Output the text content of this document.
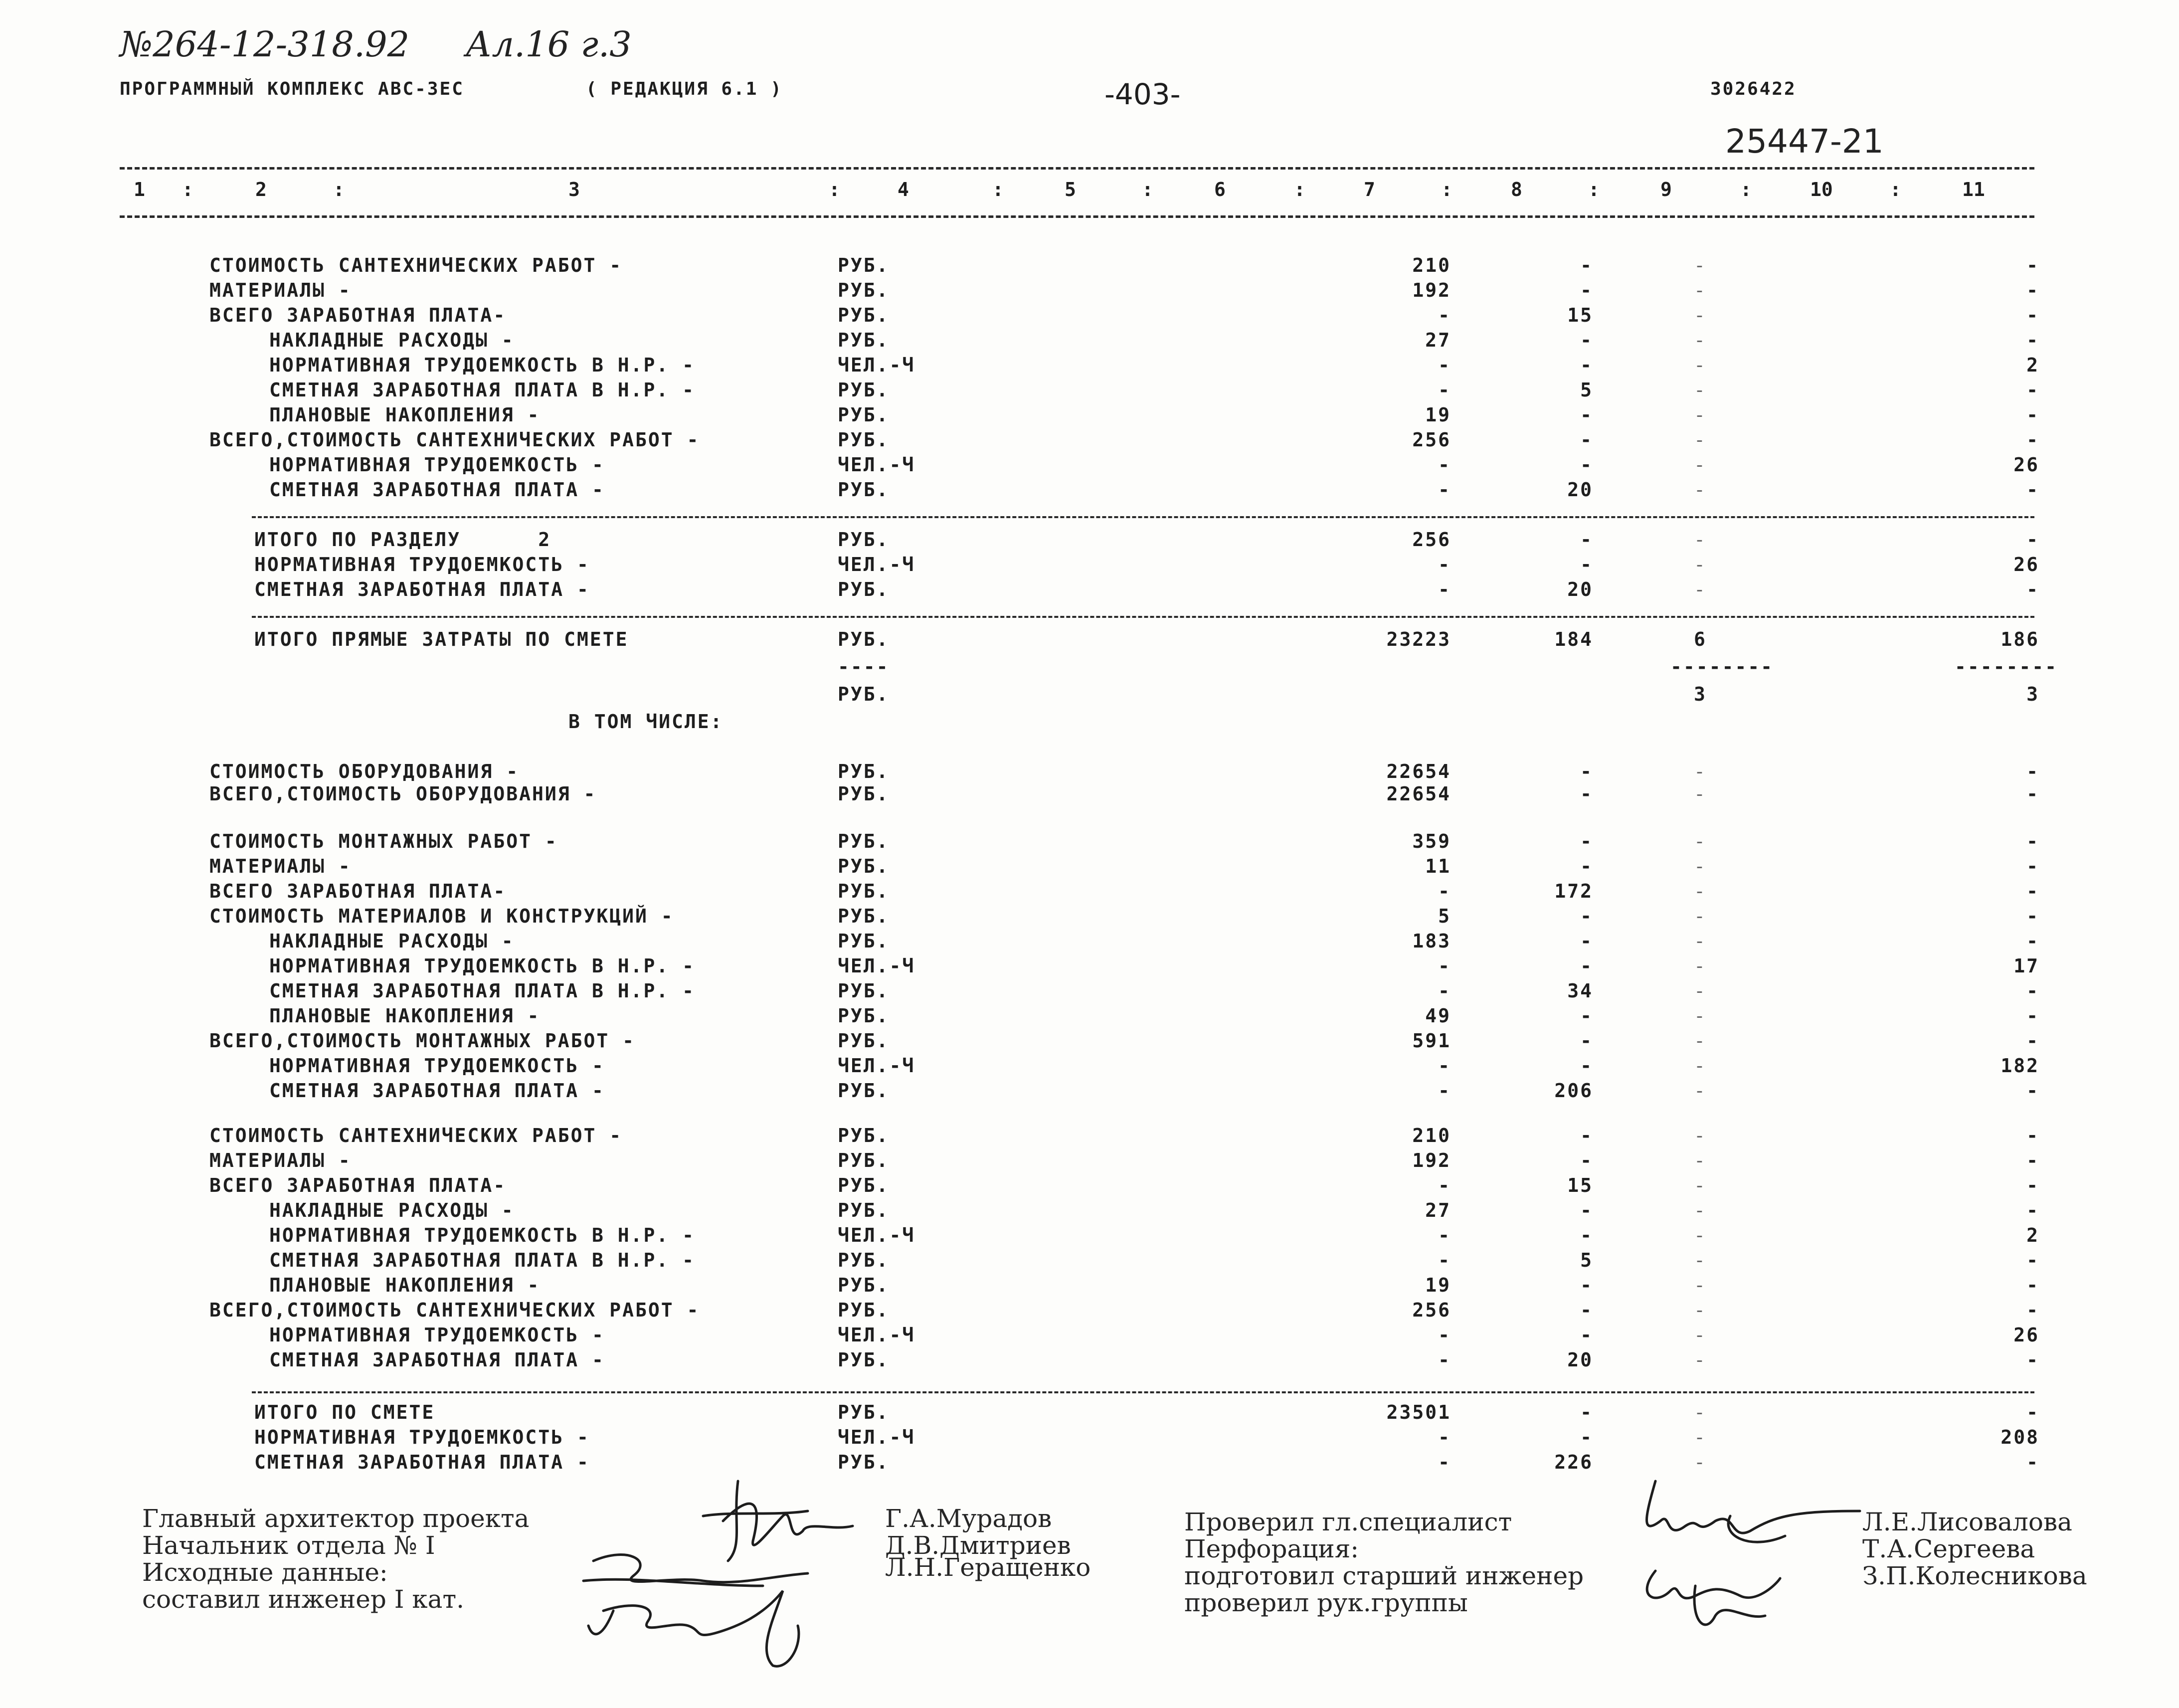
№264-12-318.92 Ал.16 г.3
ПРОГРАММНЫЙ КОМПЛЕКС АВС-ЗЕС	( РЕДАКЦИЯ 6.1 )	-403-	3026422
25447-21
1 :	2	:	3	:	4	:	5	:	6	:	7	:	8	:	9	:	10	:	11
СТОИМОСТЬ САНТЕХНИЧЕСКИХ РАБОТ -	РУБ.	210	-	-	-
МАТЕРИАЛЫ -	РУБ.	192	-	-	-
ВСЕГО ЗАРАБОТНАЯ ПЛАТА-	РУБ.	-	15	-	-
НАКЛАДНЫЕ РАСХОДЫ -	РУБ.	27	-	-	-
НОРМАТИВНАЯ ТРУДОЕМКОСТЬ В Н.Р. -	ЧЕЛ.-Ч	-	-	-	2
СМЕТНАЯ ЗАРАБОТНАЯ ПЛАТА В Н.Р. -	РУБ.	-	5	-	-
ПЛАНОВЫЕ НАКОПЛЕНИЯ -	РУБ.	19	-	-	-
ВСЕГО,СТОИМОСТЬ САНТЕХНИЧЕСКИХ РАБОТ -	РУБ.	256	-	-	-
НОРМАТИВНАЯ ТРУДОЕМКОСТЬ -	ЧЕЛ.-Ч	-	-	-	26
СМЕТНАЯ ЗАРАБОТНАЯ ПЛАТА -	РУБ.	-	20	-	-
ИТОГО ПО РАЗДЕЛУ      2	РУБ.	256	-	-	-
НОРМАТИВНАЯ ТРУДОЕМКОСТЬ -	ЧЕЛ.-Ч	-	-	-	26
СМЕТНАЯ ЗАРАБОТНАЯ ПЛАТА -	РУБ.	-	20	-	-
ИТОГО ПРЯМЫЕ ЗАТРАТЫ ПО СМЕТЕ	РУБ.	23223	184	6	186
----	--------	--------
РУБ.	3	3
В ТОМ ЧИСЛЕ:
СТОИМОСТЬ ОБОРУДОВАНИЯ -	РУБ.	22654	-	-	-
ВСЕГО,СТОИМОСТЬ ОБОРУДОВАНИЯ -	РУБ.	22654	-	-	-
СТОИМОСТЬ МОНТАЖНЫХ РАБОТ -	РУБ.	359	-	-	-
МАТЕРИАЛЫ -	РУБ.	11	-	-	-
ВСЕГО ЗАРАБОТНАЯ ПЛАТА-	РУБ.	-	172	-	-
СТОИМОСТЬ МАТЕРИАЛОВ И КОНСТРУКЦИЙ -	РУБ.	5	-	-	-
НАКЛАДНЫЕ РАСХОДЫ -	РУБ.	183	-	-	-
НОРМАТИВНАЯ ТРУДОЕМКОСТЬ В Н.Р. -	ЧЕЛ.-Ч	-	-	-	17
СМЕТНАЯ ЗАРАБОТНАЯ ПЛАТА В Н.Р. -	РУБ.	-	34	-	-
ПЛАНОВЫЕ НАКОПЛЕНИЯ -	РУБ.	49	-	-	-
ВСЕГО,СТОИМОСТЬ МОНТАЖНЫХ РАБОТ -	РУБ.	591	-	-	-
НОРМАТИВНАЯ ТРУДОЕМКОСТЬ -	ЧЕЛ.-Ч	-	-	-	182
СМЕТНАЯ ЗАРАБОТНАЯ ПЛАТА -	РУБ.	-	206	-	-
СТОИМОСТЬ САНТЕХНИЧЕСКИХ РАБОТ -	РУБ.	210	-	-	-
МАТЕРИАЛЫ -	РУБ.	192	-	-	-
ВСЕГО ЗАРАБОТНАЯ ПЛАТА-	РУБ.	-	15	-	-
НАКЛАДНЫЕ РАСХОДЫ -	РУБ.	27	-	-	-
НОРМАТИВНАЯ ТРУДОЕМКОСТЬ В Н.Р. -	ЧЕЛ.-Ч	-	-	-	2
СМЕТНАЯ ЗАРАБОТНАЯ ПЛАТА В Н.Р. -	РУБ.	-	5	-	-
ПЛАНОВЫЕ НАКОПЛЕНИЯ -	РУБ.	19	-	-	-
ВСЕГО,СТОИМОСТЬ САНТЕХНИЧЕСКИХ РАБОТ -	РУБ.	256	-	-	-
НОРМАТИВНАЯ ТРУДОЕМКОСТЬ -	ЧЕЛ.-Ч	-	-	-	26
СМЕТНАЯ ЗАРАБОТНАЯ ПЛАТА -	РУБ.	-	20	-	-
ИТОГО ПО СМЕТЕ	РУБ.	23501	-	-	-
НОРМАТИВНАЯ ТРУДОЕМКОСТЬ -	ЧЕЛ.-Ч	-	-	-	208
СМЕТНАЯ ЗАРАБОТНАЯ ПЛАТА -	РУБ.	-	226	-	-
Главный архитектор проекта
Начальник отдела № I
Исходные данные:
составил инженер I кат.
Г.А.Мурадов
Д.В.Дмитриев
Л.Н.Геращенко
Проверил гл.специалист
Перфорация:
подготовил старший инженер
проверил рук.группы
Л.Е.Лисовалова
Т.А.Сергеева
З.П.Колесникова
